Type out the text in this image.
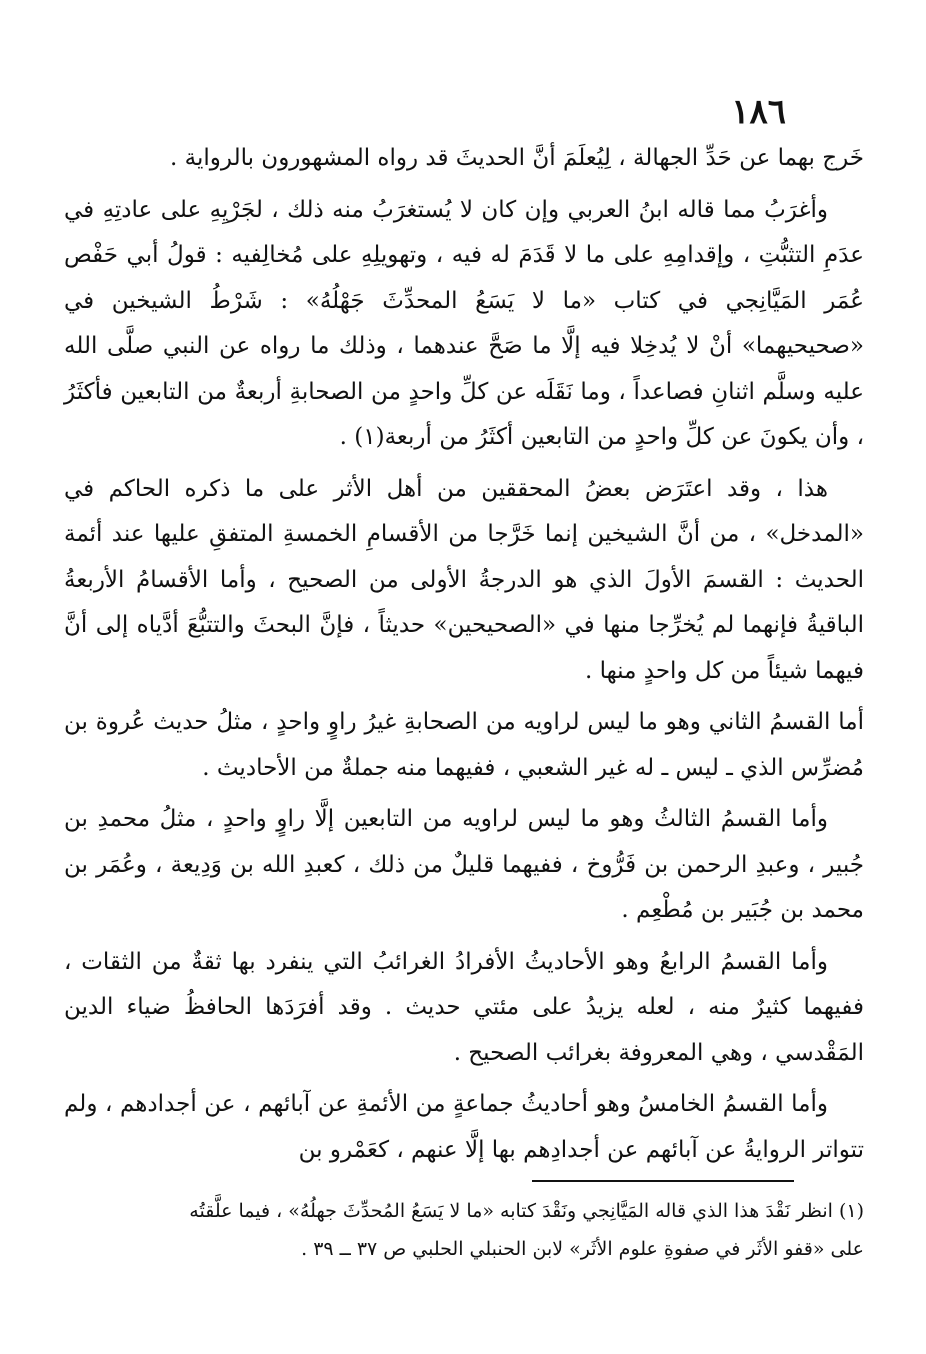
١٨٦

خَرج بهما عن حَدِّ الجهالة ، لِيُعلَمَ أنَّ الحديثَ قد رواه المشهورون بالرواية .

وأغرَبُ مما قاله ابنُ العربي وإن كان لا يُستغرَبُ منه ذلك ، لجَرْيِهِ على عادتِهِ في عدَمِ التثبُّتِ ، وإقدامِهِ على ما لا قَدَمَ له فيه ، وتهويلِهِ على مُخالِفيه : قولُ أبي حَفْص عُمَر المَيَّانِجي في كتاب «ما لا يَسَعُ المحدِّثَ جَهْلُهُ» : شَرْطُ الشيخين في «صحيحيهما» أنْ لا يُدخِلا فيه إلَّا ما صَحَّ عندهما ، وذلك ما رواه عن النبي صلَّى الله عليه وسلَّم اثنانِ فصاعداً ، وما نَقَلَه عن كلِّ واحدٍ من الصحابةِ أربعةٌ من التابعين فأكثَرُ ، وأن يكونَ عن كلِّ واحدٍ من التابعين أكثَرُ من أربعة(١) .

هذا ، وقد اعتَرَض بعضُ المحققين من أهل الأثر على ما ذكره الحاكم في «المدخل» ، من أنَّ الشيخين إنما خَرَّجا من الأقسامِ الخمسةِ المتفقِ عليها عند أئمة الحديث : القسمَ الأولَ الذي هو الدرجةُ الأولى من الصحيح ، وأما الأقسامُ الأربعةُ الباقيةُ فإنهما لم يُخرِّجا منها في «الصحيحين» حديثاً ، فإنَّ البحثَ والتتبُّعَ أدَّياه إلى أنَّ فيهما شيئاً من كل واحدٍ منها .

أما القسمُ الثاني وهو ما ليس لراويه من الصحابةِ غيرُ راوٍ واحدٍ ، مثلُ حديث عُروة بن مُضرِّس الذي ـ ليس ـ له غير الشعبي ، ففيهما منه جملةٌ من الأحاديث .

وأما القسمُ الثالثُ وهو ما ليس لراويه من التابعين إلَّا راوٍ واحدٍ ، مثلُ محمدِ بن جُبير ، وعبدِ الرحمن بن فَرُّوخ ، ففيهما قليلٌ من ذلك ، كعبدِ الله بن وَدِيعة ، وعُمَر بن محمد بن جُبَير بن مُطْعِم .

وأما القسمُ الرابعُ وهو الأحاديثُ الأفرادُ الغرائبُ التي ينفرد بها ثقةٌ من الثقات ، ففيهما كثيرٌ منه ، لعله يزيدُ على مئتي حديث . وقد أفرَدَها الحافظُ ضياء الدين المَقْدسي ، وهي المعروفة بغرائب الصحيح .

وأما القسمُ الخامسُ وهو أحاديثُ جماعةٍ من الأئمةِ عن آبائهم ، عن أجدادهم ، ولم تتواتر الروايةُ عن آبائهم عن أجدادِهم بها إلَّا عنهم ، كعَمْرو بن

(١) انظر نَقْدَ هذا الذي قاله المَيَّانِجي ونَقْدَ كتابه «ما لا يَسَعُ المُحدِّثَ جهلُهُ» ، فيما علَّقتُه

على «قفو الأثَر في صفوةِ علوم الأثَر» لابن الحنبلي الحلبي ص ٣٧ ــ ٣٩ .
